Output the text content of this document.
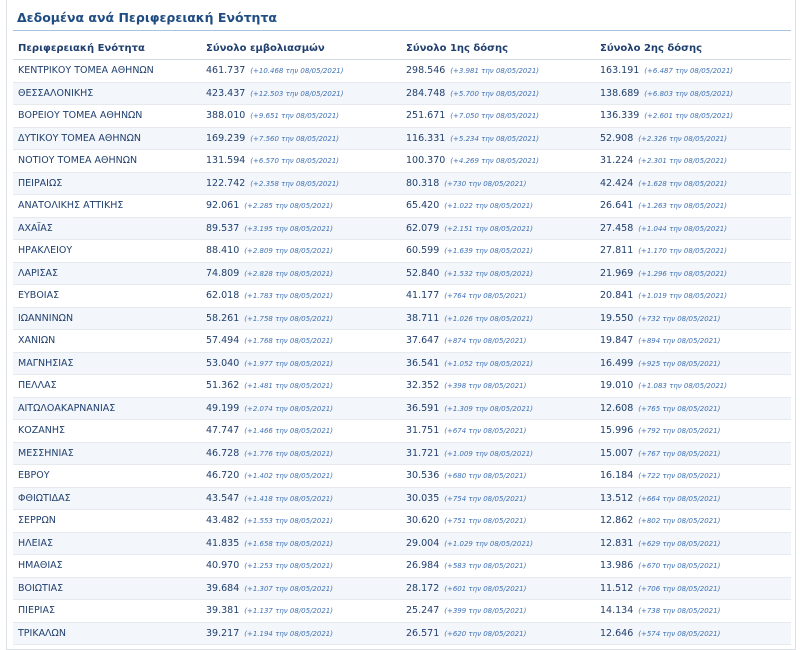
Δεδομένα ανά Περιφερειακή Ενότητα
Περιφερειακή Ενότητα	Σύνολο εμβολιασμών	Σύνολο 1ης δόσης	Σύνολο 2ης δόσης
ΚΕΝΤΡΙΚΟΥ ΤΟΜΕΑ ΑΘΗΝΩΝ	461.737 (+10.468 την 08/05/2021)	298.546 (+3.981 την 08/05/2021)	163.191 (+6.487 την 08/05/2021)
ΘΕΣΣΑΛΟΝΙΚΗΣ	423.437 (+12.503 την 08/05/2021)	284.748 (+5.700 την 08/05/2021)	138.689 (+6.803 την 08/05/2021)
ΒΟΡΕΙΟΥ ΤΟΜΕΑ ΑΘΗΝΩΝ	388.010 (+9.651 την 08/05/2021)	251.671 (+7.050 την 08/05/2021)	136.339 (+2.601 την 08/05/2021)
ΔΥΤΙΚΟΥ ΤΟΜΕΑ ΑΘΗΝΩΝ	169.239 (+7.560 την 08/05/2021)	116.331 (+5.234 την 08/05/2021)	52.908 (+2.326 την 08/05/2021)
ΝΟΤΙΟΥ ΤΟΜΕΑ ΑΘΗΝΩΝ	131.594 (+6.570 την 08/05/2021)	100.370 (+4.269 την 08/05/2021)	31.224 (+2.301 την 08/05/2021)
ΠΕΙΡΑΙΩΣ	122.742 (+2.358 την 08/05/2021)	80.318 (+730 την 08/05/2021)	42.424 (+1.628 την 08/05/2021)
ΑΝΑΤΟΛΙΚΗΣ ΑΤΤΙΚΗΣ	92.061 (+2.285 την 08/05/2021)	65.420 (+1.022 την 08/05/2021)	26.641 (+1.263 την 08/05/2021)
ΑΧΑΪΑΣ	89.537 (+3.195 την 08/05/2021)	62.079 (+2.151 την 08/05/2021)	27.458 (+1.044 την 08/05/2021)
ΗΡΑΚΛΕΙΟΥ	88.410 (+2.809 την 08/05/2021)	60.599 (+1.639 την 08/05/2021)	27.811 (+1.170 την 08/05/2021)
ΛΑΡΙΣΑΣ	74.809 (+2.828 την 08/05/2021)	52.840 (+1.532 την 08/05/2021)	21.969 (+1.296 την 08/05/2021)
ΕΥΒΟΙΑΣ	62.018 (+1.783 την 08/05/2021)	41.177 (+764 την 08/05/2021)	20.841 (+1.019 την 08/05/2021)
ΙΩΑΝΝΙΝΩΝ	58.261 (+1.758 την 08/05/2021)	38.711 (+1.026 την 08/05/2021)	19.550 (+732 την 08/05/2021)
ΧΑΝΙΩΝ	57.494 (+1.768 την 08/05/2021)	37.647 (+874 την 08/05/2021)	19.847 (+894 την 08/05/2021)
ΜΑΓΝΗΣΙΑΣ	53.040 (+1.977 την 08/05/2021)	36.541 (+1.052 την 08/05/2021)	16.499 (+925 την 08/05/2021)
ΠΕΛΛΑΣ	51.362 (+1.481 την 08/05/2021)	32.352 (+398 την 08/05/2021)	19.010 (+1.083 την 08/05/2021)
ΑΙΤΩΛΟΑΚΑΡΝΑΝΙΑΣ	49.199 (+2.074 την 08/05/2021)	36.591 (+1.309 την 08/05/2021)	12.608 (+765 την 08/05/2021)
ΚΟΖΑΝΗΣ	47.747 (+1.466 την 08/05/2021)	31.751 (+674 την 08/05/2021)	15.996 (+792 την 08/05/2021)
ΜΕΣΣΗΝΙΑΣ	46.728 (+1.776 την 08/05/2021)	31.721 (+1.009 την 08/05/2021)	15.007 (+767 την 08/05/2021)
ΕΒΡΟΥ	46.720 (+1.402 την 08/05/2021)	30.536 (+680 την 08/05/2021)	16.184 (+722 την 08/05/2021)
ΦΘΙΩΤΙΔΑΣ	43.547 (+1.418 την 08/05/2021)	30.035 (+754 την 08/05/2021)	13.512 (+664 την 08/05/2021)
ΣΕΡΡΩΝ	43.482 (+1.553 την 08/05/2021)	30.620 (+751 την 08/05/2021)	12.862 (+802 την 08/05/2021)
ΗΛΕΙΑΣ	41.835 (+1.658 την 08/05/2021)	29.004 (+1.029 την 08/05/2021)	12.831 (+629 την 08/05/2021)
ΗΜΑΘΙΑΣ	40.970 (+1.253 την 08/05/2021)	26.984 (+583 την 08/05/2021)	13.986 (+670 την 08/05/2021)
ΒΟΙΩΤΙΑΣ	39.684 (+1.307 την 08/05/2021)	28.172 (+601 την 08/05/2021)	11.512 (+706 την 08/05/2021)
ΠΙΕΡΙΑΣ	39.381 (+1.137 την 08/05/2021)	25.247 (+399 την 08/05/2021)	14.134 (+738 την 08/05/2021)
ΤΡΙΚΑΛΩΝ	39.217 (+1.194 την 08/05/2021)	26.571 (+620 την 08/05/2021)	12.646 (+574 την 08/05/2021)
